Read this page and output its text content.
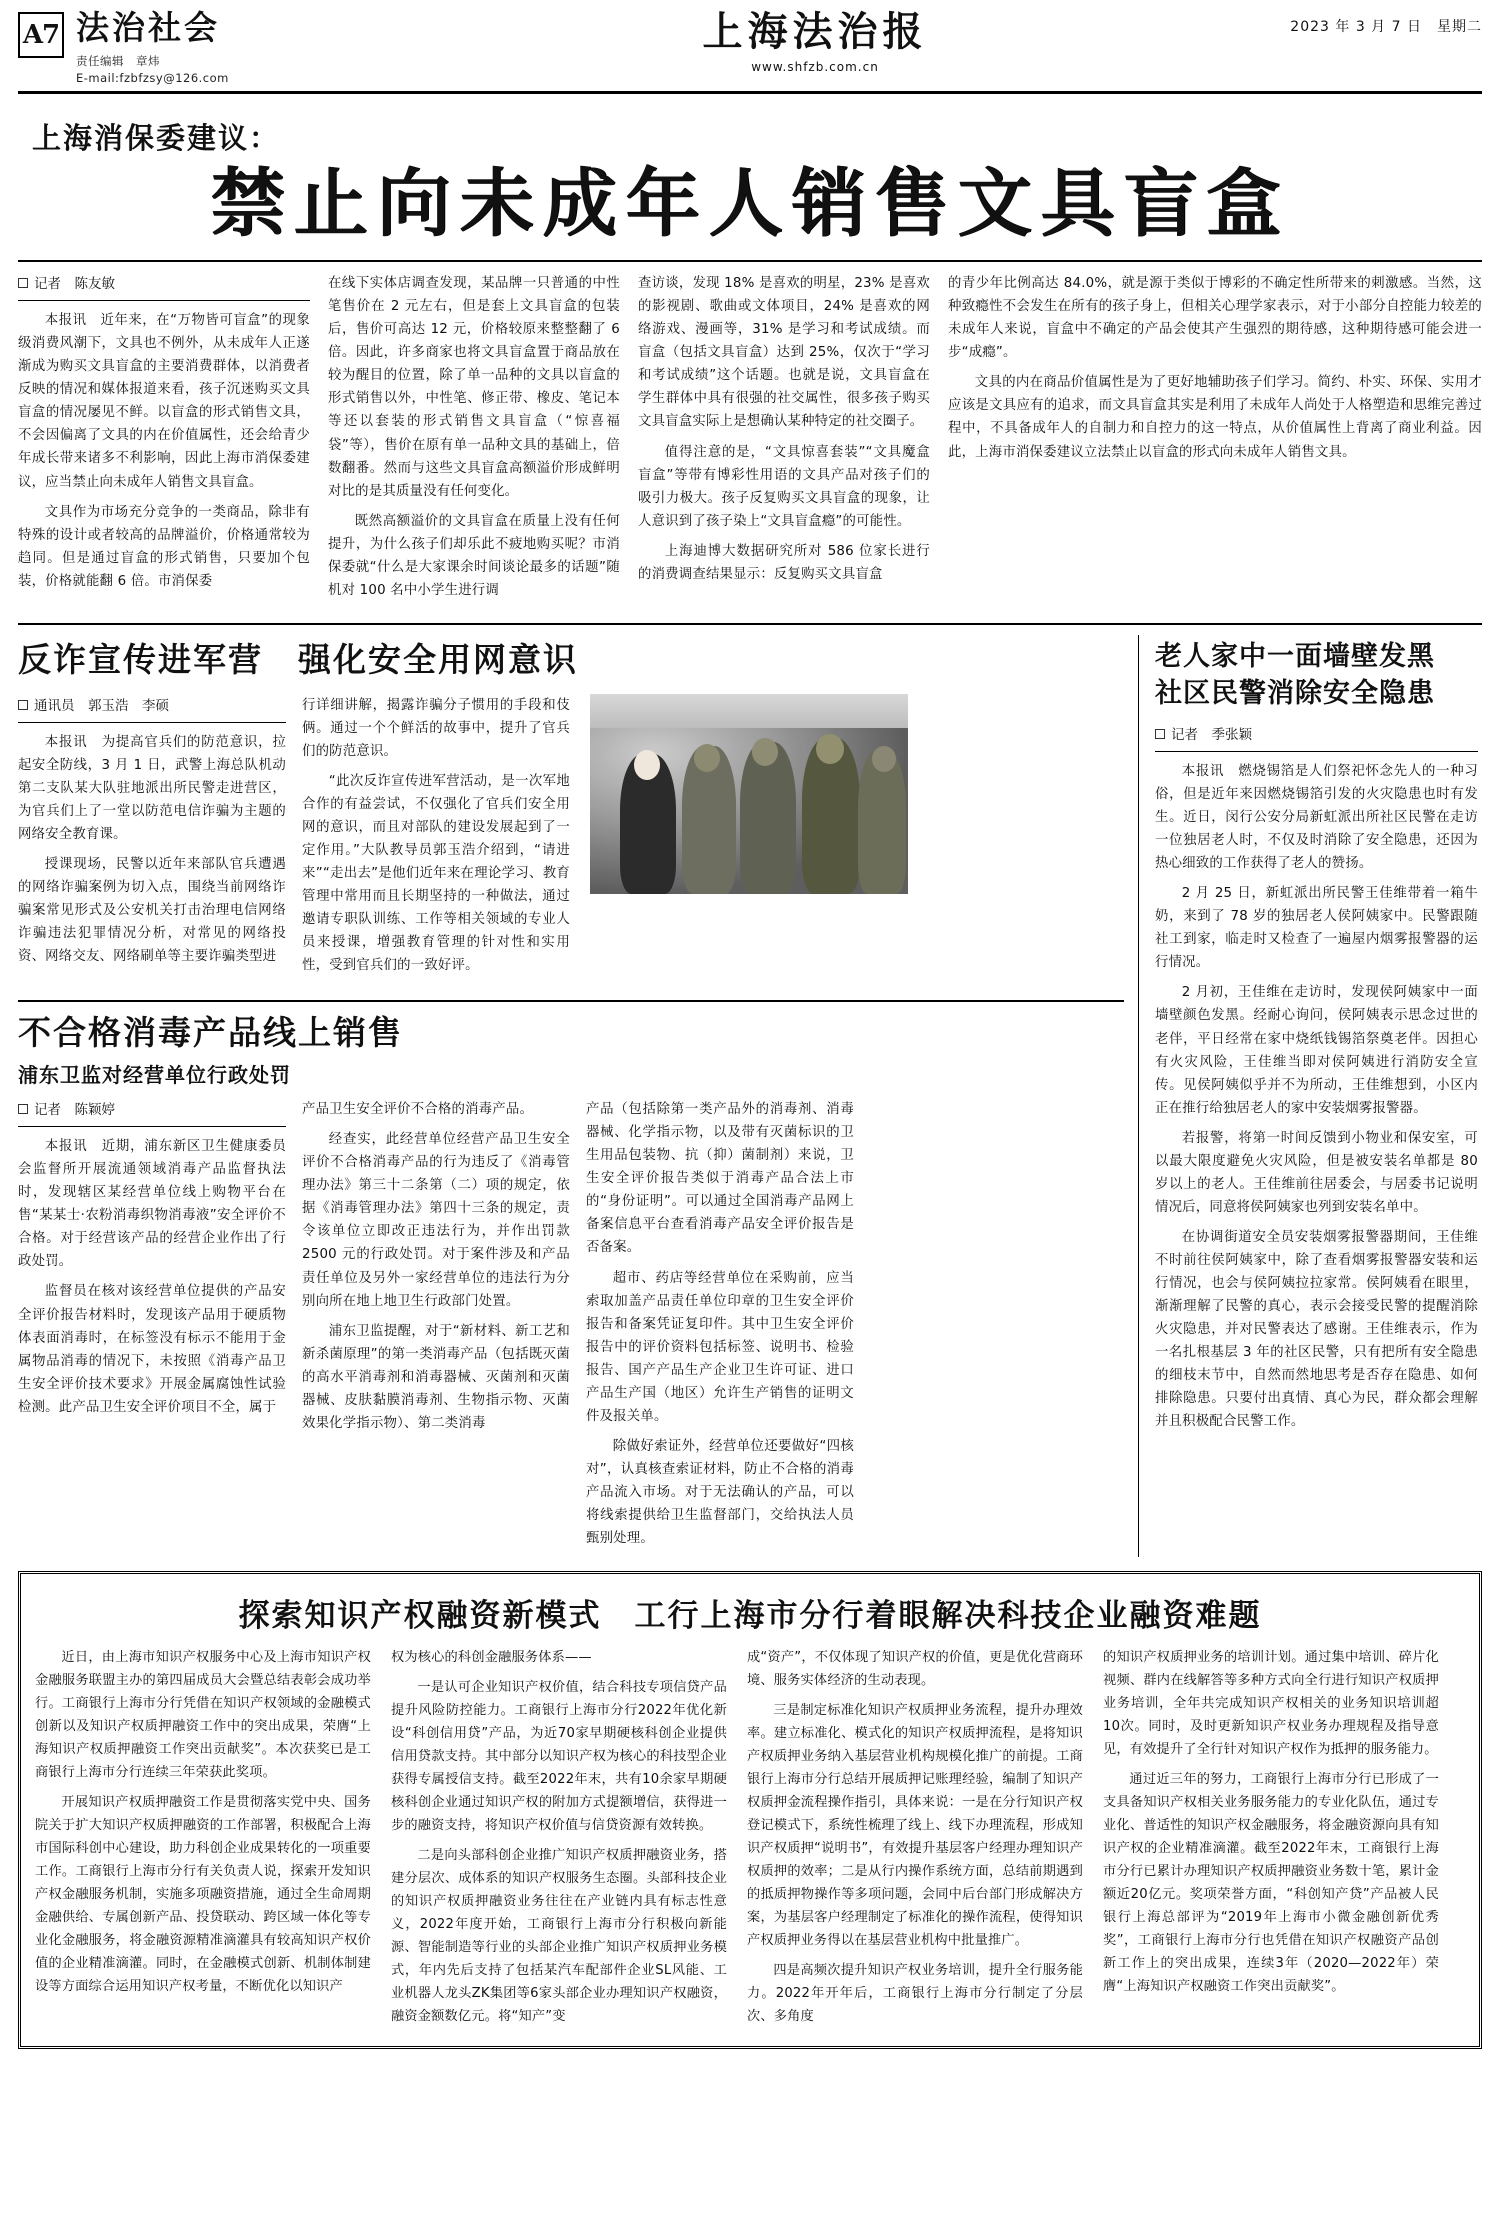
A7 法治社会
责任编辑　章炜
E-mail:fzbfzsy@126.com
上海法治报
www.shfzb.com.cn
2023 年 3 月 7 日　星期二
上海消保委建议：
禁止向未成年人销售文具盲盒
记者　陈友敏

本报讯　近年来，在“万物皆可盲盒”的现象级消费风潮下，文具也不例外，从未成年人正遂渐成为购买文具盲盒的主要消费群体，以消费者反映的情况和媒体报道来看，孩子沉迷购买文具盲盒的情况屡见不鲜。以盲盒的形式销售文具，不会因偏离了文具的内在价值属性，还会给青少年成长带来诸多不利影响，因此上海市消保委建议，应当禁止向未成年人销售文具盲盒。

文具作为市场充分竞争的一类商品，除非有特殊的设计或者较高的品牌溢价，价格通常较为趋同。但是通过盲盒的形式销售，只要加个包装，价格就能翻 6 倍。市消保委

在线下实体店调查发现，某品牌一只普通的中性笔售价在 2 元左右，但是套上文具盲盒的包装后，售价可高达 12 元，价格较原来整整翻了 6 倍。因此，许多商家也将文具盲盒置于商品放在较为醒目的位置，除了单一品种的文具以盲盒的形式销售以外，中性笔、修正带、橡皮、笔记本等还以套装的形式销售文具盲盒（“惊喜福袋”等），售价在原有单一品种文具的基础上，倍数翻番。然而与这些文具盲盒高额溢价形成鲜明对比的是其质量没有任何变化。

既然高额溢价的文具盲盒在质量上没有任何提升，为什么孩子们却乐此不疲地购买呢？市消保委就“什么是大家课余时间谈论最多的话题”随机对 100 名中小学生进行调

查访谈，发现 18% 是喜欢的明星，23% 是喜欢的影视剧、歌曲或文体项目，24% 是喜欢的网络游戏、漫画等，31% 是学习和考试成绩。而盲盒（包括文具盲盒）达到 25%，仅次于“学习和考试成绩”这个话题。也就是说，文具盲盒在学生群体中具有很强的社交属性，很多孩子购买文具盲盒实际上是想确认某种特定的社交圈子。

值得注意的是，“文具惊喜套装”“文具魔盒盲盒”等带有博彩性用语的文具产品对孩子们的吸引力极大。孩子反复购买文具盲盒的现象，让人意识到了孩子染上“文具盲盒瘾”的可能性。

上海迪博大数据研究所对 586 位家长进行的消费调查结果显示：反复购买文具盲盒

的青少年比例高达 84.0%，就是源于类似于博彩的不确定性所带来的刺激感。当然，这种致瘾性不会发生在所有的孩子身上，但相关心理学家表示，对于小部分自控能力较差的未成年人来说，盲盒中不确定的产品会使其产生强烈的期待感，这种期待感可能会进一步“成瘾”。

文具的内在商品价值属性是为了更好地辅助孩子们学习。简约、朴实、环保、实用才应该是文具应有的追求，而文具盲盒其实是利用了未成年人尚处于人格塑造和思维完善过程中，不具备成年人的自制力和自控力的这一特点，从价值属性上背离了商业利益。因此，上海市消保委建议立法禁止以盲盒的形式向未成年人销售文具。

反诈宣传进军营　强化安全用网意识
通讯员　郭玉浩　李硕

本报讯　为提高官兵们的防范意识，拉起安全防线，3 月 1 日，武警上海总队机动第二支队某大队驻地派出所民警走进营区，为官兵们上了一堂以防范电信诈骗为主题的网络安全教育课。

授课现场，民警以近年来部队官兵遭遇的网络诈骗案例为切入点，围绕当前网络诈骗案常见形式及公安机关打击治理电信网络诈骗违法犯罪情况分析，对常见的网络投资、网络交友、网络刷单等主要诈骗类型进

行详细讲解，揭露诈骗分子惯用的手段和伎俩。通过一个个鲜活的故事中，提升了官兵们的防范意识。

“此次反诈宣传进军营活动，是一次军地合作的有益尝试，不仅强化了官兵们安全用网的意识，而且对部队的建设发展起到了一定作用。”大队教导员郭玉浩介绍到，“请进来”“走出去”是他们近年来在理论学习、教育管理中常用而且长期坚持的一种做法，通过邀请专职队训练、工作等相关领域的专业人员来授课，增强教育管理的针对性和实用性，受到官兵们的一致好评。

不合格消毒产品线上销售
浦东卫监对经营单位行政处罚
记者　陈颖婷

本报讯　近期，浦东新区卫生健康委员会监督所开展流通领域消毒产品监督执法时，发现辖区某经营单位线上购物平台在售“某某士·农粉消毒织物消毒液”安全评价不合格。对于经营该产品的经营企业作出了行政处罚。

监督员在核对该经营单位提供的产品安全评价报告材料时，发现该产品用于硬质物体表面消毒时，在标签没有标示不能用于金属物品消毒的情况下，未按照《消毒产品卫生安全评价技术要求》开展金属腐蚀性试验检测。此产品卫生安全评价项目不全，属于

产品卫生安全评价不合格的消毒产品。

经查实，此经营单位经营产品卫生安全评价不合格消毒产品的行为违反了《消毒管理办法》第三十二条第（二）项的规定，依据《消毒管理办法》第四十三条的规定，责令该单位立即改正违法行为，并作出罚款 2500 元的行政处罚。对于案件涉及和产品责任单位及另外一家经营单位的违法行为分别向所在地上地卫生行政部门处置。

浦东卫监提醒，对于“新材料、新工艺和新杀菌原理”的第一类消毒产品（包括既灭菌的高水平消毒剂和消毒器械、灭菌剂和灭菌器械、皮肤黏膜消毒剂、生物指示物、灭菌效果化学指示物）、第二类消毒

产品（包括除第一类产品外的消毒剂、消毒器械、化学指示物，以及带有灭菌标识的卫生用品包装物、抗（抑）菌制剂）来说，卫生安全评价报告类似于消毒产品合法上市的“身份证明”。可以通过全国消毒产品网上备案信息平台查看消毒产品安全评价报告是否备案。

超市、药店等经营单位在采购前，应当索取加盖产品责任单位印章的卫生安全评价报告和备案凭证复印件。其中卫生安全评价报告中的评价资料包括标签、说明书、检验报告、国产产品生产企业卫生许可证、进口产品生产国（地区）允许生产销售的证明文件及报关单。

除做好索证外，经营单位还要做好“四核对”，认真核查索证材料，防止不合格的消毒产品流入市场。对于无法确认的产品，可以将线索提供给卫生监督部门，交给执法人员甄别处理。

老人家中一面墙壁发黑
社区民警消除安全隐患
记者　季张颖

本报讯　燃烧锡箔是人们祭祀怀念先人的一种习俗，但是近年来因燃烧锡箔引发的火灾隐患也时有发生。近日，闵行公安分局新虹派出所社区民警在走访一位独居老人时，不仅及时消除了安全隐患，还因为热心细致的工作获得了老人的赞扬。

2 月 25 日，新虹派出所民警王佳维带着一箱牛奶，来到了 78 岁的独居老人侯阿姨家中。民警跟随社工到家，临走时又检查了一遍屋内烟雾报警器的运行情况。

2 月初，王佳维在走访时，发现侯阿姨家中一面墙壁颜色发黑。经耐心询问，侯阿姨表示思念过世的老伴，平日经常在家中烧纸钱锡箔祭奠老伴。因担心有火灾风险，王佳维当即对侯阿姨进行消防安全宣传。见侯阿姨似乎并不为所动，王佳维想到，小区内正在推行给独居老人的家中安装烟雾报警器。

若报警，将第一时间反馈到小物业和保安室，可以最大限度避免火灾风险，但是被安装名单都是 80 岁以上的老人。王佳维前往居委会，与居委书记说明情况后，同意将侯阿姨家也列到安装名单中。

在协调街道安全员安装烟雾报警器期间，王佳维不时前往侯阿姨家中，除了查看烟雾报警器安装和运行情况，也会与侯阿姨拉拉家常。侯阿姨看在眼里，渐渐理解了民警的真心，表示会接受民警的提醒消除火灾隐患，并对民警表达了感谢。王佳维表示，作为一名扎根基层 3 年的社区民警，只有把所有安全隐患的细枝末节中，自然而然地思考是否存在隐患、如何排除隐患。只要付出真情、真心为民，群众都会理解并且积极配合民警工作。

探索知识产权融资新模式　工行上海市分行着眼解决科技企业融资难题

近日，由上海市知识产权服务中心及上海市知识产权金融服务联盟主办的第四届成员大会暨总结表彰会成功举行。工商银行上海市分行凭借在知识产权领域的金融模式创新以及知识产权质押融资工作中的突出成果，荣膺“上海知识产权质押融资工作突出贡献奖”。本次获奖已是工商银行上海市分行连续三年荣获此奖项。

开展知识产权质押融资工作是贯彻落实党中央、国务院关于扩大知识产权质押融资的工作部署，积极配合上海市国际科创中心建设，助力科创企业成果转化的一项重要工作。工商银行上海市分行有关负责人说，探索开发知识产权金融服务机制，实施多项融资措施，通过全生命周期金融供给、专属创新产品、投贷联动、跨区域一体化等专业化金融服务，将金融资源精准滴灌具有较高知识产权价值的企业精准滴灌。同时，在金融模式创新、机制体制建设等方面综合运用知识产权考量，不断优化以知识产

权为核心的科创金融服务体系——

一是认可企业知识产权价值，结合科技专项信贷产品提升风险防控能力。工商银行上海市分行2022年优化新设“科创信用贷”产品，为近70家早期硬核科创企业提供信用贷款支持。其中部分以知识产权为核心的科技型企业获得专属授信支持。截至2022年末，共有10余家早期硬核科创企业通过知识产权的附加方式提额增信，获得进一步的融资支持，将知识产权价值与信贷资源有效转换。

二是向头部科创企业推广知识产权质押融资业务，搭建分层次、成体系的知识产权服务生态圈。头部科技企业的知识产权质押融资业务往往在产业链内具有标志性意义，2022年度开始，工商银行上海市分行积极向新能源、智能制造等行业的头部企业推广知识产权质押业务模式，年内先后支持了包括某汽车配部件企业SL风能、工业机器人龙头ZK集团等6家头部企业办理知识产权融资，融资金额数亿元。将“知产”变

成“资产”，不仅体现了知识产权的价值，更是优化营商环境、服务实体经济的生动表现。

三是制定标准化知识产权质押业务流程，提升办理效率。建立标准化、模式化的知识产权质押流程，是将知识产权质押业务纳入基层营业机构规模化推广的前提。工商银行上海市分行总结开展质押记账理经验，编制了知识产权质押金流程操作指引，具体来说：一是在分行知识产权登记模式下，系统性梳理了线上、线下办理流程，形成知识产权质押“说明书”，有效提升基层客户经理办理知识产权质押的效率；二是从行内操作系统方面，总结前期遇到的抵质押物操作等多项问题，会同中后台部门形成解决方案，为基层客户经理制定了标准化的操作流程，使得知识产权质押业务得以在基层营业机构中批量推广。

四是高频次提升知识产权业务培训，提升全行服务能力。2022年开年后，工商银行上海市分行制定了分层次、多角度

的知识产权质押业务的培训计划。通过集中培训、碎片化视频、群内在线解答等多种方式向全行进行知识产权质押业务培训，全年共完成知识产权相关的业务知识培训超10次。同时，及时更新知识产权业务办理规程及指导意见，有效提升了全行针对知识产权作为抵押的服务能力。

通过近三年的努力，工商银行上海市分行已形成了一支具备知识产权相关业务服务能力的专业化队伍，通过专业化、普适性的知识产权金融服务，将金融资源向具有知识产权的企业精准滴灌。截至2022年末，工商银行上海市分行已累计办理知识产权质押融资业务数十笔，累计金额近20亿元。奖项荣誉方面，“科创知产贷”产品被人民银行上海总部评为“2019年上海市小微金融创新优秀奖”，工商银行上海市分行也凭借在知识产权融资产品创新工作上的突出成果，连续3年（2020—2022年）荣膺“上海知识产权融资工作突出贡献奖”。
